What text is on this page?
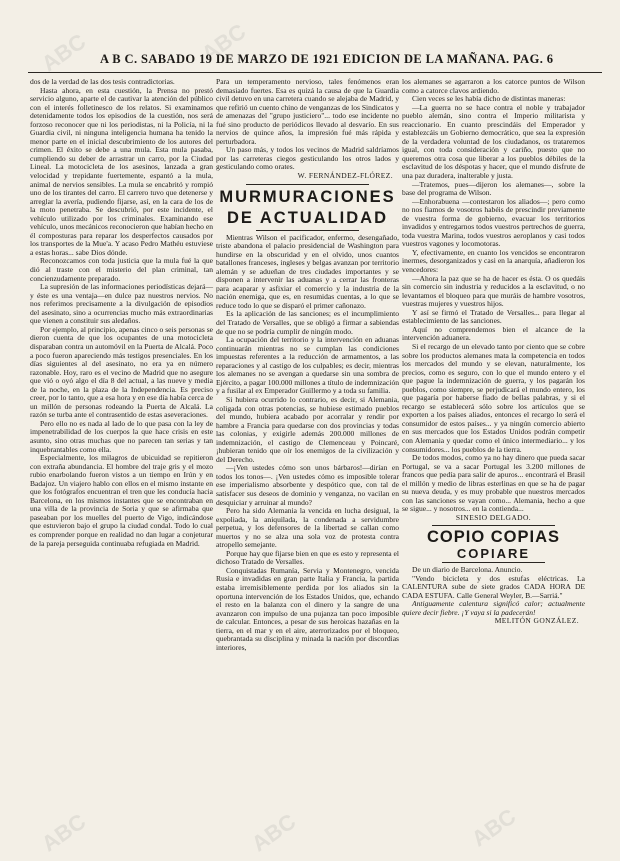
ABC	ABC
ABC	ABC	ABC
A B C. SABADO 19 DE MARZO DE 1921 EDICION DE LA MAÑANA. PAG. 6

dos de la verdad de las dos tesis contradictorias.

Hasta ahora, en esta cuestión, la Prensa no prestó servicio alguno, aparte el de cautivar la atención del público con el interés folletinesco de los relatos. Si examinamos detenidamente todos los episodios de la cuestión, nos será forzoso reconocer que ni los periodistas, ni la Policía, ni la Guardia civil, ni ninguna inteligencia humana ha tenido la menor parte en el inicial descubrimiento de los autores del crimen. El éxito se debe a una mula. Esta mula pasaba, cumpliendo su deber de arrastrar un carro, por la Ciudad Lineal. La motocicleta de los asesinos, lanzada a gran velocidad y trepidante fuertemente, espantó a la mula, animal de nervios sensibles. La mula se encabritó y rompió uno de los tirantes del carro. El carrero tuvo que detenerse y arreglar la avería, pudiendo fijarse, así, en la cara de los de la moto penetraba. Se descubrió, por este incidente, el vehículo utilizado por los criminales. Examinando ese vehículo, unos mecánicos reconocieron que habían hecho en él composturas para reparar los desperfectos causados por los transportes de la Mue'a. Y acaso Pedro Mathéu estuviese a estas horas... sabe Dios dónde.

Reconozcamos con toda justicia que la mula fué la que dió al traste con el misterio del plan criminal, tan concienzudamente preparado.

La supresión de las informaciones periodísticas dejará—y éste es una ventaja—en dulce paz nuestros nervios. No nos referimos precisamente a la divulgación de episodios del asesinato, sino a ocurrencias mucho más extraordinarias que vienen a constituir sus aledaños.

Por ejemplo, al principio, apenas cinco o seis personas se dieron cuenta de que los ocupantes de una motocicleta disparaban contra un automóvil en la Puerta de Alcalá. Poco a poco fueron apareciendo más testigos presenciales. En los días siguientes al del asesinato, no era ya en número razonable. Hoy, raro es el vecino de Madrid que no asegure que vió o oyó algo el día 8 del actual, a las nueve y media de la noche, en la plaza de la Independencia. Es preciso creer, por lo tanto, que a esa hora y en ese día había cerca de un millón de personas rodeando la Puerta de Alcalá. La razón se turba ante el contrasentido de estas aseveraciones.

Pero ello no es nada al lado de lo que pasa con la ley de impenetrabilidad de los cuerpos la que hace crisis en este asunto, sino otras muchas que no parecen tan serias y tan inquebrantables como ella.

Especialmente, los milagros de ubicuidad se repitieron con extraña abundancia. El hombre del traje gris y el mozo rubio enarbolando fueron vistos a un tiempo en Irún y en Badajoz. Un viajero hablo con ellos en el mismo instante en que los fotógrafos encuentran el tren que les conducía hacia Barcelona, en los mismos instantes que se encontraban en una villa de la provincia de Soria y que se afirmaba que paseaban por los muelles del puerto de Vigo, indicándose que estuvieron bajo el grupo la ciudad condal. Todo lo cual es comprender porque en realidad no dan lugar a conjeturar de la pareja perseguida continuaba refugiada en Madrid.

Para un temperamento nervioso, tales fenómenos eran demasiado fuertes. Esa es quizá la causa de que la Guardia civil detuvo en una carretera cuando se alejaba de Madrid, y que refirió un cuento chino de venganzas de los Sindicatos y de amenazas del "grupo justiciero"... todo ese incidente no fué sino producto de periódicos llevado al desvarío. En sus nervios de quince años, la impresión fué más rápida y perturbadora.

Un paso más, y todos los vecinos de Madrid saldríamos por las carreteras ciegos gesticulando los otros lados y gesticulando como orates.

W. FERNÁNDEZ-FLÓREZ.
MURMURACIONES
DE ACTUALIDAD

Mientras Wilson el pacificador, enfermo, desengañado, triste abandona el palacio presidencial de Washington para hundirse en la obscuridad y en el olvido, unos cuantos batallones franceses, ingleses y belgas avanzan por territorio alemán y se adueñan de tres ciudades importantes y se disponen a intervenir las aduanas y a cerrar las fronteras para acaparar y asfixiar el comercio y la industria de la nación enemiga, que es, en resumidas cuentas, a lo que se reduce todo lo que se disparó el primer cañonazo.

Es la aplicación de las sanciones; es el incumplimiento del Tratado de Versalles, que se obligó a firmar a sabiendas de que no se podría cumplir de ningún modo.

La ocupación del territorio y la intervención en aduanas continuarán mientras no se cumplan las condiciones impuestas referentes a la reducción de armamentos, a las reparaciones y al castigo de los culpables; es decir, mientras los alemanes no se avengan a quedarse sin una sombra de Ejército, a pagar 100.000 millones a título de indemnización y a fusilar al ex Emperador Guillermo y a toda su familia.

Si hubiera ocurrido lo contrario, es decir, si Alemania, coligada con otras potencias, se hubiese estimado pueblos del mundo, hubiera acabado por acorralar y rendir por hambre a Francia para quedarse con dos provincias y todas las colonias, y exigirle además 200.000 millones de indemnización, el castigo de Clemenceau y Poincaré, ¡hubieran tenido que oír los enemigos de la civilización y del Derecho.

—¡Ven ustedes cómo son unos bárbaros!—dirían en todos los tonos—. ¡Ven ustedes cómo es imposible tolerar ese imperialismo absorbente y despótico que, con tal de satisfacer sus deseos de dominio y venganza, no vacilan en desquiciar y arruinar al mundo?

Pero ha sido Alemania la vencida en lucha desigual, la expoliada, la aniquilada, la condenada a servidumbre perpetua, y los defensores de la libertad se callan como muertos y no se alza una sola voz de protesta contra atropello semejante.

Porque hay que fijarse bien en que es esto y representa el dichoso Tratado de Versalles.

Conquistadas Rumanía, Servia y Montenegro, vencida Rusia e invadidas en gran parte Italia y Francia, la partida estaba irremisiblemente perdida por los aliados sin la oportuna intervención de los Estados Unidos, que, echando el resto en la balanza con el dinero y la sangre de una avanzaron con impulso de una pujanza tan poco imposible de calcular. Entonces, a pesar de sus heroicas hazañas en la tierra, en el mar y en el aire, aterrorizados por el bloqueo, quebrantada su disciplina y minada la nación por discordias interiores,

los alemanes se agarraron a los catorce puntos de Wilson como a catorce clavos ardiendo.

Cien veces se les había dicho de distintas maneras:

—La guerra no se hace contra el noble y trabajador pueblo alemán, sino contra el Imperio militarista y reaccionario. En cuanto prescindáis del Emperador y establezcáis un Gobierno democrático, que sea la expresión de la verdadera voluntad de los ciudadanos, os trataremos igual, con toda consideración y cariño, puesto que no queremos otra cosa que liberar a los pueblos débiles de la esclavitud de los déspotas y hacer, que el mundo disfrute de una paz duradera, inalterable y justa.

—Tratemos, pues—dijeron los alemanes—, sobre la base del programa de Wilson.

—Enhorabuena —contestaron los aliados—; pero como no nos fiamos de vosotros habéis de prescindir previamente de vuestra forma de gobierno, evacuar los territorios invadidos y entregarnos todos vuestros pertrechos de guerra, toda vuestra Marina, todos vuestros aeroplanos y casi todos vuestros vagones y locomotoras.

Y, efectivamente, en cuanto los vencidos se encontraron inermes, desorganizados y casi en la anarquía, añadieron los vencedores:

—Ahora la paz que se ha de hacer es ésta. O os quedáis sin comercio sin industria y reducidos a la esclavitud, o no levantamos el bloqueo para que muráis de hambre vosotros, vuestras mujeres y vuestros hijos.

Y así se firmó el Tratado de Versalles... para llegar al establecimiento de las sanciones.

Aquí no comprendemos bien el alcance de la intervención aduanera.

Si el recargo de un elevado tanto por ciento que se cobre sobre los productos alemanes mata la competencia en todos los mercados del mundo y se elevan, naturalmente, los precios, como es seguro, con lo que el mundo entero y el que pague la indemnización de guerra, y los pagarán los pueblos, como siempre, se perjudicará el mundo entero, los que pagaría por haberse fiado de bellas palabras, y si el recargo se establecerá sólo sobre los artículos que se exporten a los países aliados, entonces el recargo lo será el consumidor de estos países... y ya ningún comercio abierto en sus mercados que los Estados Unidos podrán competir con Alemania y quedar como el único intermediario... y los consumidores... los pueblos de la tierra.

De todos modos, como ya no hay dinero que pueda sacar Portugal, se va a sacar Portugal les 3.200 millones de francos que pedía para salir de apuros... encontrará el Brasil el millón y medio de libras esterlinas en que se ha de pagar su nueva deuda, y es muy probable que nuestros mercados con las sanciones se vayan como... Alemania, hecho a que se sigue... y nosotros... en la contienda...

SINESIO DELGADO.
COPIO COPIAS
COPIARE

De un diario de Barcelona. Anuncio.

"Vendo bicicleta y dos estufas eléctricas. La CALENTURA sube de siete grados CADA HORA DE CADA ESTUFA. Calle General Weyler, B.—Sarriá."

Antiguamente calentura significó calor; actualmente quiere decir fiebre. ¡Y vaya si la padecerán!

MELITÓN GONZÁLEZ.
